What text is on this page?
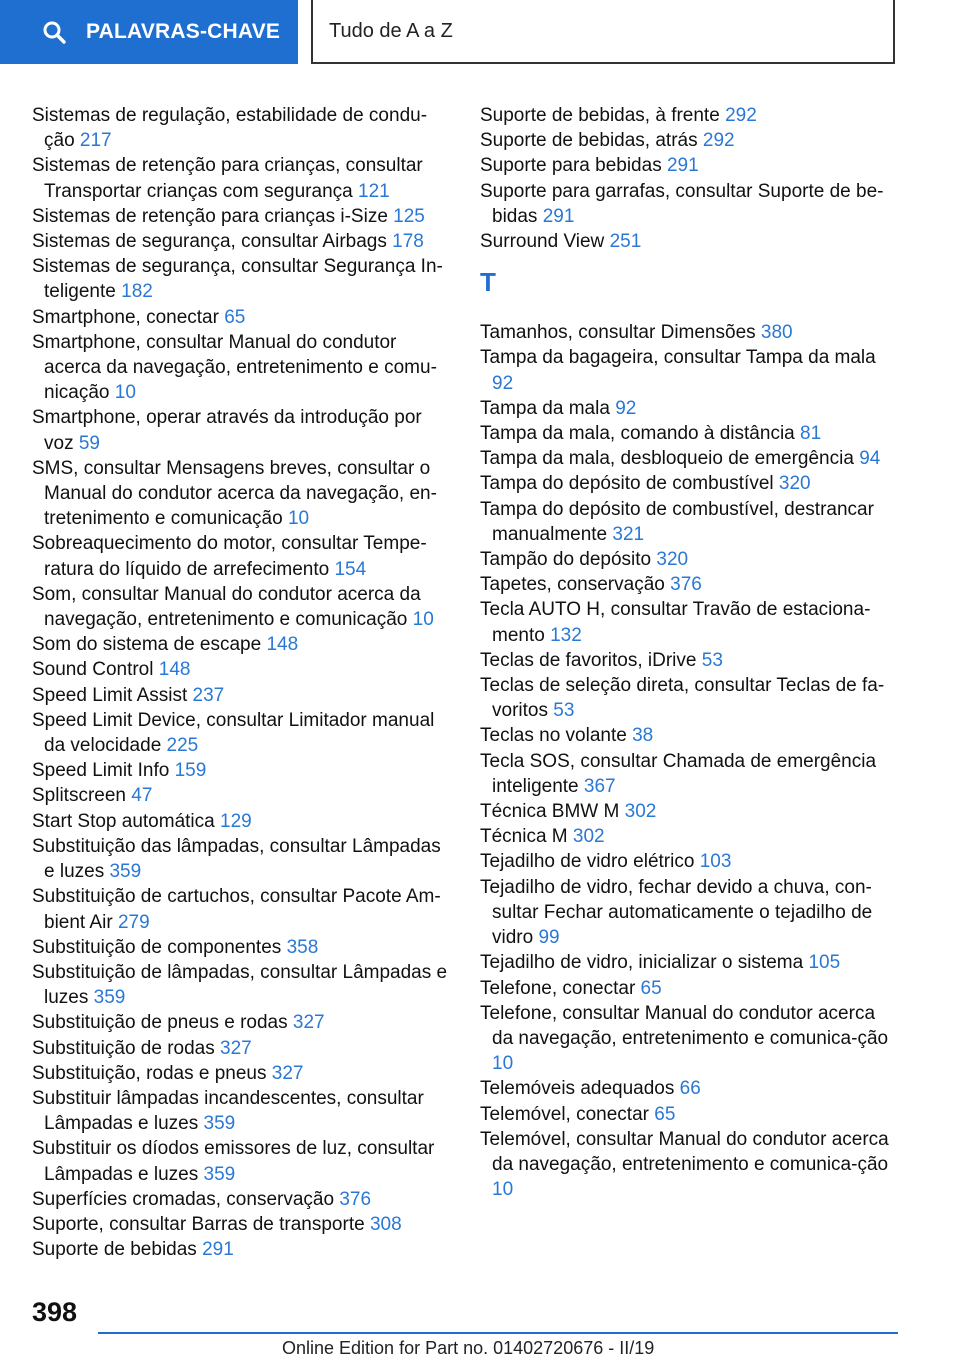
PALAVRAS-CHAVE Tudo de A a Z
Sistemas de regulação, estabilidade de condu-ção 217
Sistemas de retenção para crianças, consultar Transportar crianças com segurança 121
Sistemas de retenção para crianças i-Size 125
Sistemas de segurança, consultar Airbags 178
Sistemas de segurança, consultar Segurança In-teligente 182
Smartphone, conectar 65
Smartphone, consultar Manual do condutor acerca da navegação, entretenimento e comu-nicação 10
Smartphone, operar através da introdução por voz 59
SMS, consultar Mensagens breves, consultar o Manual do condutor acerca da navegação, en-tretenimento e comunicação 10
Sobreaquecimento do motor, consultar Tempe-ratura do líquido de arrefecimento 154
Som, consultar Manual do condutor acerca da navegação, entretenimento e comunicação 10
Som do sistema de escape 148
Sound Control 148
Speed Limit Assist 237
Speed Limit Device, consultar Limitador manual da velocidade 225
Speed Limit Info 159
Splitscreen 47
Start Stop automática 129
Substituição das lâmpadas, consultar Lâmpadas e luzes 359
Substituição de cartuchos, consultar Pacote Am-bient Air 279
Substituição de componentes 358
Substituição de lâmpadas, consultar Lâmpadas e luzes 359
Substituição de pneus e rodas 327
Substituição de rodas 327
Substituição, rodas e pneus 327
Substituir lâmpadas incandescentes, consultar Lâmpadas e luzes 359
Substituir os díodos emissores de luz, consultar Lâmpadas e luzes 359
Superfícies cromadas, conservação 376
Suporte, consultar Barras de transporte 308
Suporte de bebidas 291
Suporte de bebidas, à frente 292
Suporte de bebidas, atrás 292
Suporte para bebidas 291
Suporte para garrafas, consultar Suporte de be-bidas 291
Surround View 251
T
Tamanhos, consultar Dimensões 380
Tampa da bagageira, consultar Tampa da mala 92
Tampa da mala 92
Tampa da mala, comando à distância 81
Tampa da mala, desbloqueio de emergência 94
Tampa do depósito de combustível 320
Tampa do depósito de combustível, destrancar manualmente 321
Tampão do depósito 320
Tapetes, conservação 376
Tecla AUTO H, consultar Travão de estaciona-mento 132
Teclas de favoritos, iDrive 53
Teclas de seleção direta, consultar Teclas de fa-voritos 53
Teclas no volante 38
Tecla SOS, consultar Chamada de emergência inteligente 367
Técnica BMW M 302
Técnica M 302
Tejadilho de vidro elétrico 103
Tejadilho de vidro, fechar devido a chuva, con-sultar Fechar automaticamente o tejadilho de vidro 99
Tejadilho de vidro, inicializar o sistema 105
Telefone, conectar 65
Telefone, consultar Manual do condutor acerca da navegação, entretenimento e comunica-ção 10
Telemóveis adequados 66
Telemóvel, conectar 65
Telemóvel, consultar Manual do condutor acerca da navegação, entretenimento e comunica-ção 10
398
Online Edition for Part no. 01402720676 - II/19
